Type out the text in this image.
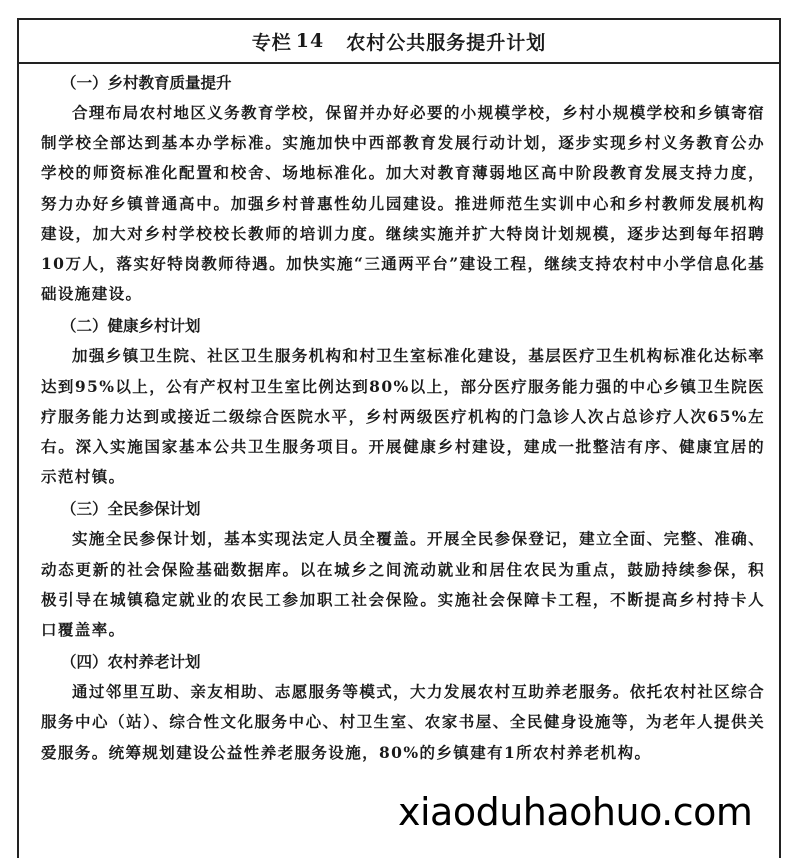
专栏 14 农村公共服务提升计划
（一）乡村教育质量提升

合理布局农村地区义务教育学校，保留并办好必要的小规模学校，乡村小规模学校和乡镇寄宿制学校全部达到基本办学标准。实施加快中西部教育发展行动计划，逐步实现乡村义务教育公办学校的师资标准化配置和校舍、场地标准化。加大对教育薄弱地区高中阶段教育发展支持力度，努力办好乡镇普通高中。加强乡村普惠性幼儿园建设。推进师范生实训中心和乡村教师发展机构建设，加大对乡村学校校长教师的培训力度。继续实施并扩大特岗计划规模，逐步达到每年招聘10万人，落实好特岗教师待遇。加快实施“三通两平台”建设工程，继续支持农村中小学信息化基础设施建设。

（二）健康乡村计划

加强乡镇卫生院、社区卫生服务机构和村卫生室标准化建设，基层医疗卫生机构标准化达标率达到95%以上，公有产权村卫生室比例达到80%以上，部分医疗服务能力强的中心乡镇卫生院医疗服务能力达到或接近二级综合医院水平，乡村两级医疗机构的门急诊人次占总诊疗人次65%左右。深入实施国家基本公共卫生服务项目。开展健康乡村建设，建成一批整洁有序、健康宜居的示范村镇。

（三）全民参保计划

实施全民参保计划，基本实现法定人员全覆盖。开展全民参保登记，建立全面、完整、准确、动态更新的社会保险基础数据库。以在城乡之间流动就业和居住农民为重点，鼓励持续参保，积极引导在城镇稳定就业的农民工参加职工社会保险。实施社会保障卡工程，不断提高乡村持卡人口覆盖率。

（四）农村养老计划

通过邻里互助、亲友相助、志愿服务等模式，大力发展农村互助养老服务。依托农村社区综合服务中心（站）、综合性文化服务中心、村卫生室、农家书屋、全民健身设施等，为老年人提供关爱服务。统筹规划建设公益性养老服务设施，80%的乡镇建有1所农村养老机构。

xiaoduhaohuo.com
